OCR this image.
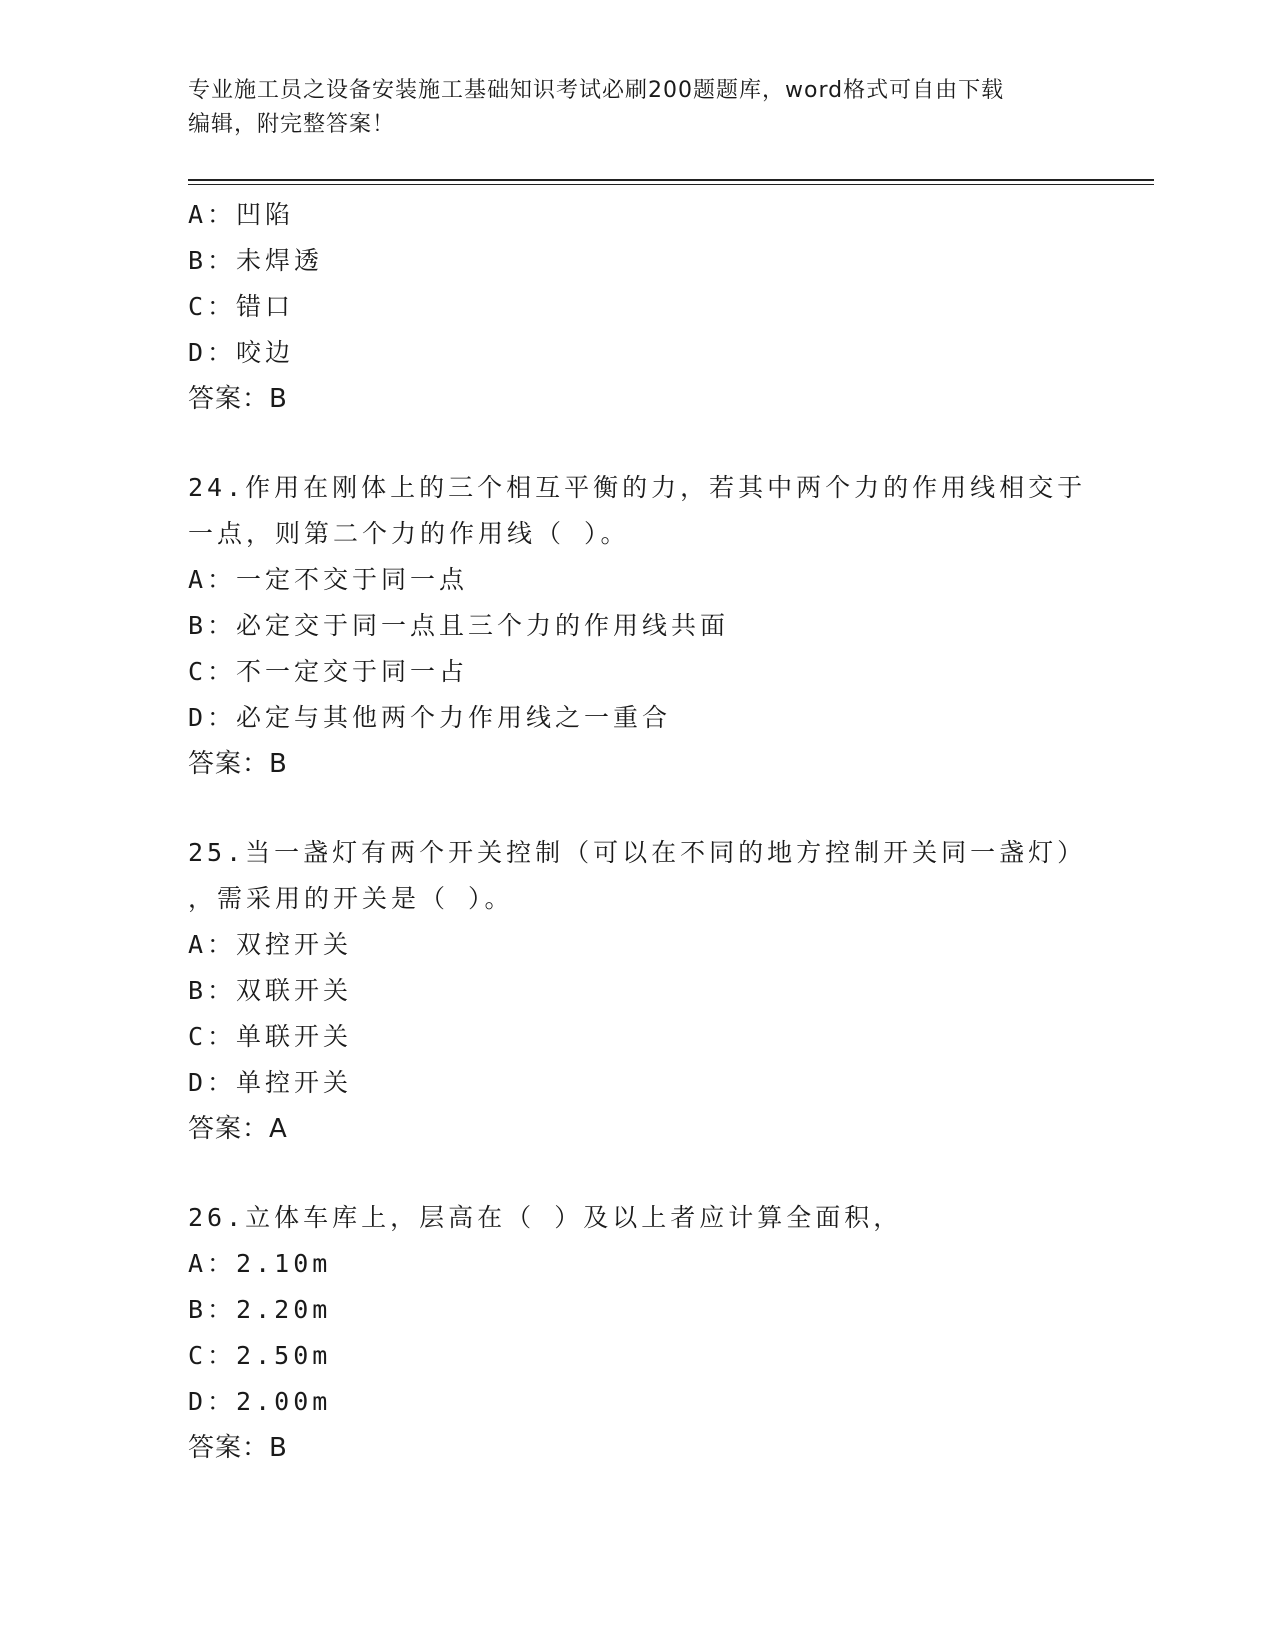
专业施工员之设备安装施工基础知识考试必刷200题题库，word格式可自由下载
编辑，附完整答案！
A：凹陷
B：未焊透
C：错口
D：咬边
答案：B
24.作用在刚体上的三个相互平衡的力，若其中两个力的作用线相交于
一点，则第二个力的作用线（ ）。
A：一定不交于同一点
B：必定交于同一点且三个力的作用线共面
C：不一定交于同一占
D：必定与其他两个力作用线之一重合
答案：B
25.当一盏灯有两个开关控制（可以在不同的地方控制开关同一盏灯）
，需采用的开关是（ ）。
A：双控开关
B：双联开关
C：单联开关
D：单控开关
答案：A
26.立体车库上，层高在（ ）及以上者应计算全面积，
A：2.10m
B：2.20m
C：2.50m
D：2.00m
答案：B
